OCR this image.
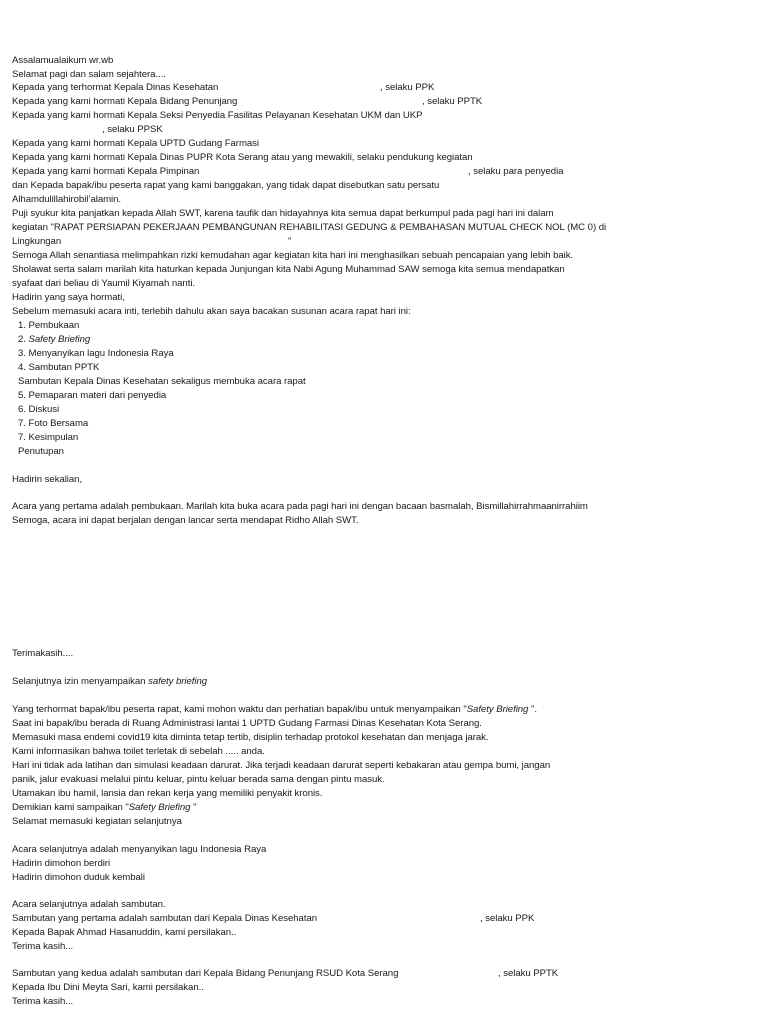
Assalamualaikum wr.wb
Selamat pagi dan salam sejahtera....
Kepada yang terhormat Kepala Dinas Kesehatan	, selaku PPK
Kepada yang kami hormati Kepala Bidang Penunjang	, selaku PPTK
Kepada yang kami hormati Kepala Seksi Penyedia Fasilitas Pelayanan Kesehatan UKM dan UKP
, selaku PPSK
Kepada yang kami hormati Kepala UPTD Gudang Farmasi
Kepada yang kami hormati Kepala Dinas PUPR Kota Serang atau yang mewakili, selaku pendukung kegiatan
Kepada yang kami hormati Kepala Pimpinan	, selaku para penyedia
dan Kepada bapak/ibu peserta rapat yang kami banggakan, yang tidak dapat disebutkan satu persatu
Alhamdulillahirobil’alamin.
Puji syukur kita panjatkan kepada Allah SWT, karena taufik dan hidayahnya kita semua dapat berkumpul pada pagi hari ini dalam
kegiatan "RAPAT PERSIAPAN PEKERJAAN PEMBANGUNAN REHABILITASI GEDUNG & PEMBAHASAN MUTUAL CHECK NOL (MC 0) di
Lingkungan	"
Semoga Allah senantiasa melimpahkan rizki kemudahan agar kegiatan kita hari ini menghasilkan sebuah pencapaian yang lebih baik.
Sholawat serta salam marilah kita haturkan kepada Junjungan kita Nabi Agung Muhammad SAW semoga kita semua mendapatkan
syafaat dari beliau di Yaumil Kiyamah nanti.
Hadirin yang saya hormati,
Sebelum memasuki acara inti, terlebih dahulu akan saya bacakan susunan acara rapat hari ini:
1. Pembukaan
2. Safety Briefing
3. Menyanyikan lagu Indonesia Raya
4. Sambutan PPTK
Sambutan Kepala Dinas Kesehatan sekaligus membuka acara rapat
5. Pemaparan materi dari penyedia
6. Diskusi
7. Foto Bersama
7. Kesimpulan
Penutupan
Hadirin sekalian,
Acara yang pertama adalah pembukaan. Marilah kita buka acara pada pagi hari ini dengan bacaan basmalah, Bismillahirrahmaanirrahiim
Semoga, acara ini dapat berjalan dengan lancar serta mendapat Ridho Allah SWT.
Terimakasih....
Selanjutnya izin menyampaikan safety briefing
Yang terhormat bapak/ibu peserta rapat, kami mohon waktu dan perhatian bapak/ibu untuk menyampaikan "Safety Briefing ".
Saat ini bapak/ibu berada di Ruang Administrasi lantai 1 UPTD Gudang Farmasi Dinas Kesehatan Kota Serang.
Memasuki masa endemi covid19 kita diminta tetap tertib, disiplin terhadap protokol kesehatan dan menjaga jarak.
Kami informasikan bahwa toilet terletak di sebelah ..... anda.
Hari ini tidak ada latihan dan simulasi keadaan darurat. Jika terjadi keadaan darurat seperti kebakaran atau gempa bumi, jangan
panik, jalur evakuasi melalui pintu keluar, pintu keluar berada sama dengan pintu masuk.
Utamakan ibu hamil, lansia dan rekan kerja yang memiliki penyakit kronis.
Demikian kami sampaikan "Safety Briefing "
Selamat memasuki kegiatan selanjutnya
Acara selanjutnya adalah menyanyikan lagu Indonesia Raya
Hadirin dimohon berdiri
Hadirin dimohon duduk kembali
Acara selanjutnya adalah sambutan.
Sambutan yang pertama adalah sambutan dari Kepala Dinas Kesehatan	, selaku PPK
Kepada Bapak Ahmad Hasanuddin, kami persilakan..
Terima kasih...
Sambutan yang kedua adalah sambutan dari Kepala Bidang Penunjang RSUD Kota Serang	, selaku PPTK
Kepada Ibu Dini Meyta Sari, kami persilakan..
Terima kasih...
